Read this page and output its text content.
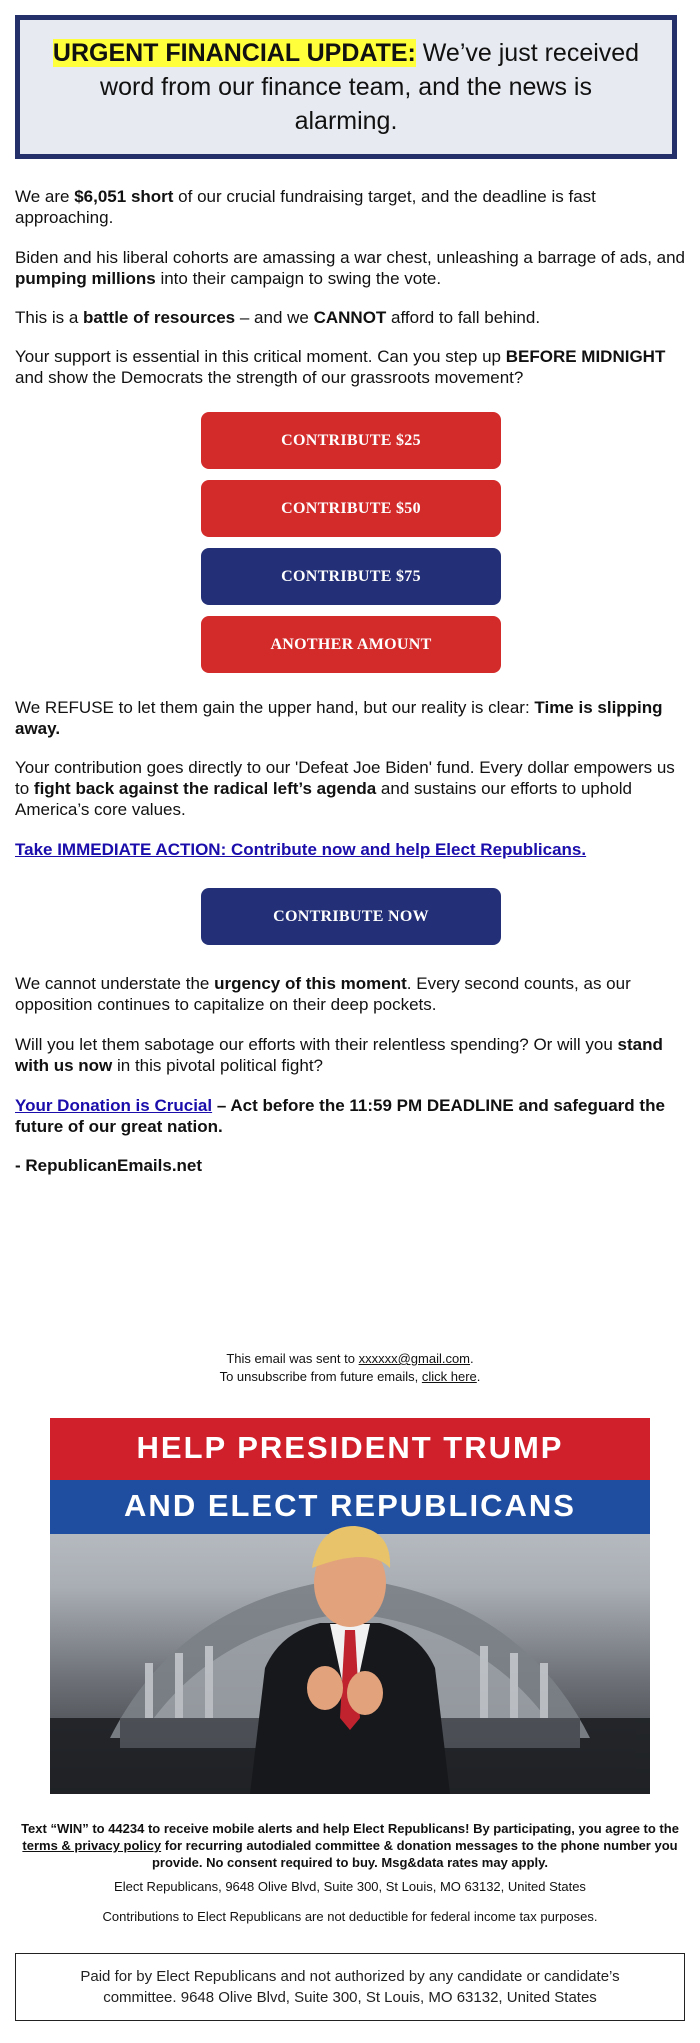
URGENT FINANCIAL UPDATE: We’ve just received word from our finance team, and the news is alarming.

We are $6,051 short of our crucial fundraising target, and the deadline is fast approaching.

Biden and his liberal cohorts are amassing a war chest, unleashing a barrage of ads, and pumping millions into their campaign to swing the vote.

This is a battle of resources – and we CANNOT afford to fall behind.

Your support is essential in this critical moment. Can you step up BEFORE MIDNIGHT and show the Democrats the strength of our grassroots movement?

CONTRIBUTE $25
CONTRIBUTE $50
CONTRIBUTE $75
ANOTHER AMOUNT

We REFUSE to let them gain the upper hand, but our reality is clear: Time is slipping away.

Your contribution goes directly to our 'Defeat Joe Biden' fund. Every dollar empowers us to fight back against the radical left’s agenda and sustains our efforts to uphold America’s core values.

Take IMMEDIATE ACTION: Contribute now and help Elect Republicans.

CONTRIBUTE NOW

We cannot understate the urgency of this moment. Every second counts, as our opposition continues to capitalize on their deep pockets.

Will you let them sabotage our efforts with their relentless spending? Or will you stand with us now in this pivotal political fight?

Your Donation is Crucial – Act before the 11:59 PM DEADLINE and safeguard the future of our great nation.

- RepublicanEmails.net

This email was sent to xxxxxx@gmail.com.
To unsubscribe from future emails, click here.
HELP PRESIDENT TRUMP
AND ELECT REPUBLICANS
Text “WIN” to 44234 to receive mobile alerts and help Elect Republicans! By participating, you agree to the terms & privacy policy for recurring autodialed committee & donation messages to the phone number you provide. No consent required to buy. Msg&data rates may apply.
Elect Republicans, 9648 Olive Blvd, Suite 300, St Louis, MO 63132, United States
Contributions to Elect Republicans are not deductible for federal income tax purposes.
Paid for by Elect Republicans and not authorized by any candidate or candidate’s committee. 9648 Olive Blvd, Suite 300, St Louis, MO 63132, United States
